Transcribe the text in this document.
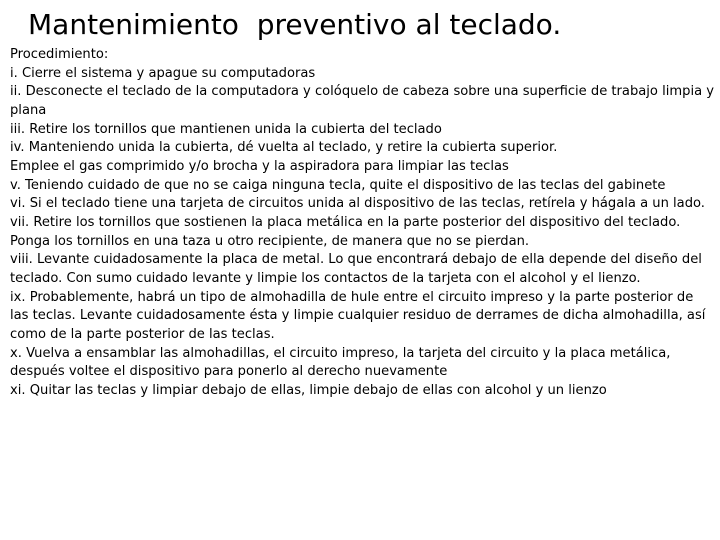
Mantenimiento  preventivo al teclado.

Procedimiento:

i. Cierre el sistema y apague su computadoras

ii. Desconecte el teclado de la computadora y colóquelo de cabeza sobre una superficie de trabajo limpia y plana

iii. Retire los tornillos que mantienen unida la cubierta del teclado

iv. Manteniendo unida la cubierta, dé vuelta al teclado, y retire la cubierta superior.

Emplee el gas comprimido y/o brocha y la aspiradora para limpiar las teclas

v. Teniendo cuidado de que no se caiga ninguna tecla, quite el dispositivo de las teclas del gabinete

vi. Si el teclado tiene una tarjeta de circuitos unida al dispositivo de las teclas, retírela y hágala a un lado.

vii. Retire los tornillos que sostienen la placa metálica en la parte posterior del dispositivo del teclado. Ponga los tornillos en una taza u otro recipiente, de manera que no se pierdan.

viii. Levante cuidadosamente la placa de metal. Lo que encontrará debajo de ella depende del diseño del teclado. Con sumo cuidado levante y limpie los contactos de la tarjeta con el alcohol y el lienzo.

ix. Probablemente, habrá un tipo de almohadilla de hule entre el circuito impreso y la parte posterior de las teclas. Levante cuidadosamente ésta y limpie cualquier residuo de derrames de dicha almohadilla, así como de la parte posterior de las teclas.

x. Vuelva a ensamblar las almohadillas, el circuito impreso, la tarjeta del circuito y la placa metálica, después voltee el dispositivo para ponerlo al derecho nuevamente

xi. Quitar las teclas y limpiar debajo de ellas, limpie debajo de ellas con alcohol y un lienzo
